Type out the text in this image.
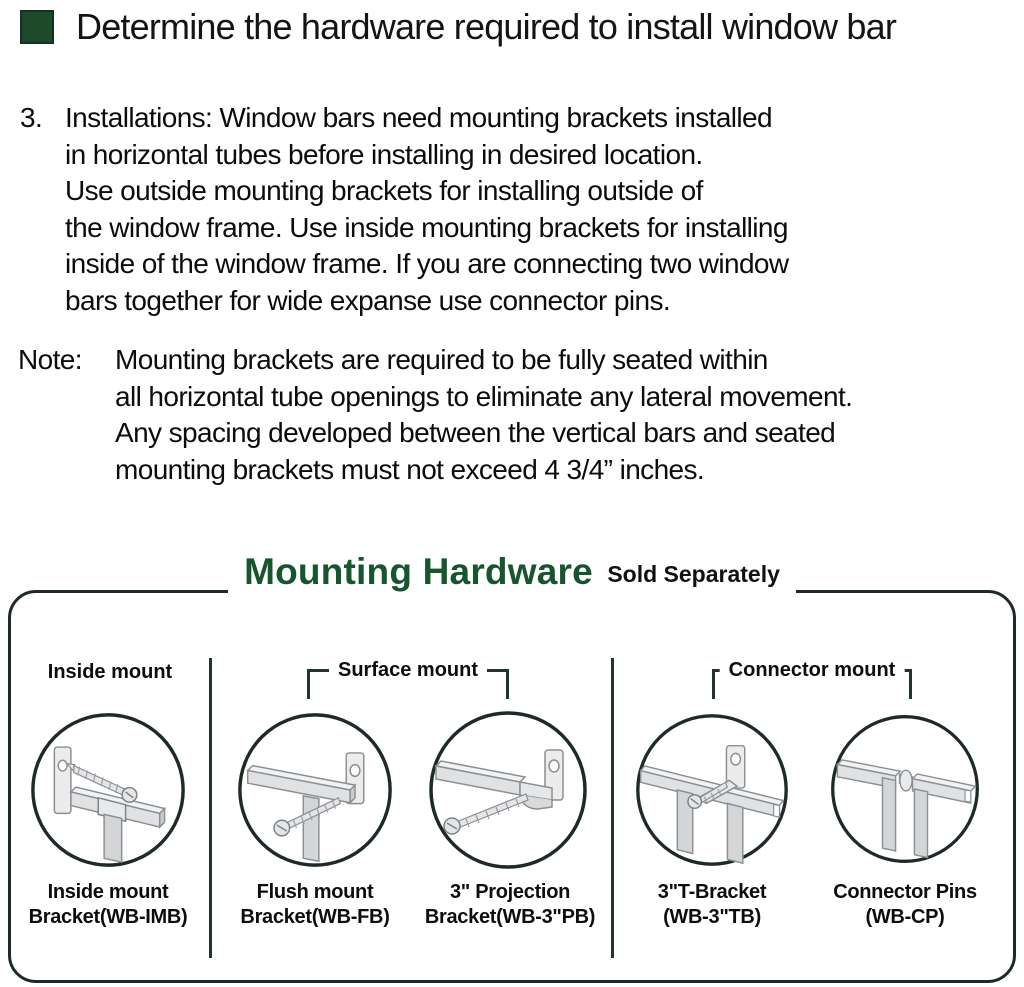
Determine the hardware required to install window bar
3. Installations: Window bars need mounting brackets installed
in horizontal tubes before installing in desired location.
Use outside mounting brackets for installing outside of
the window frame. Use inside mounting brackets for installing
inside of the window frame. If you are connecting two window
bars together for wide expanse use connector pins.
Note:	Mounting brackets are required to be fully seated within
all horizontal tube openings to eliminate any lateral movement.
Any spacing developed between the vertical bars and seated
mounting brackets must not exceed 4 3/4” inches.
Mounting Hardware Sold Separately
Inside mount	Surface mount	Connector mount
Inside mount
Bracket(WB-IMB)
Flush mount
Bracket(WB-FB)
3" Projection
Bracket(WB-3"PB)
3"T-Bracket
(WB-3"TB)
Connector Pins
(WB-CP)
